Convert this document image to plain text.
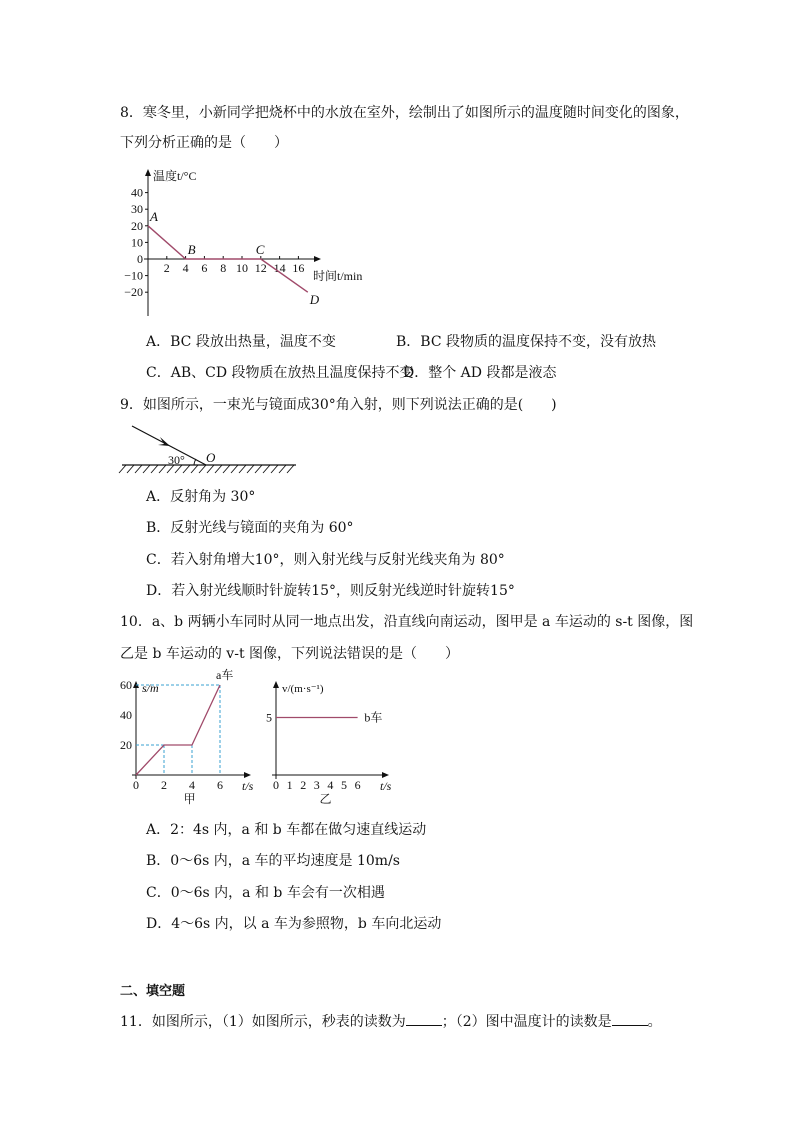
8．寒冬里，小新同学把烧杯中的水放在室外，绘制出了如图所示的温度随时间变化的图象，
下列分析正确的是（　　）
温度t/°C
时间t/min
40
30
20
10
0
−10
−20
2 4 6 8 10 12 14 16
A
B	C
D
A．BC 段放出热量，温度不变	B．BC 段物质的温度保持不变，没有放热
C．AB、CD 段物质在放热且温度保持不变
D．整个 AD 段都是液态
9．如图所示，一束光与镜面成30°角入射，则下列说法正确的是(　　)
30° O
A．反射角为 30°
B．反射光线与镜面的夹角为 60°
C．若入射角增大10°，则入射光线与反射光线夹角为 80°
D．若入射光线顺时针旋转15°，则反射光线逆时针旋转15°
10．a、b 两辆小车同时从同一地点出发，沿直线向南运动，图甲是 a 车运动的 s-t 图像，图
乙是 b 车运动的 v-t 图像，下列说法错误的是（　　）
s/m
t/s
20
40
60
0 2 4 6
a车
甲
v/(m·s⁻¹)
t/s
5
0 1 2 3 4 5 6
b车
乙
A．2：4s 内，a 和 b 车都在做匀速直线运动
B．0～6s 内，a 车的平均速度是 10m/s
C．0～6s 内，a 和 b 车会有一次相遇
D．4～6s 内，以 a 车为参照物，b 车向北运动
二、填空题
11．如图所示，（1）如图所示，秒表的读数为	；（2）图中温度计的读数是	。
